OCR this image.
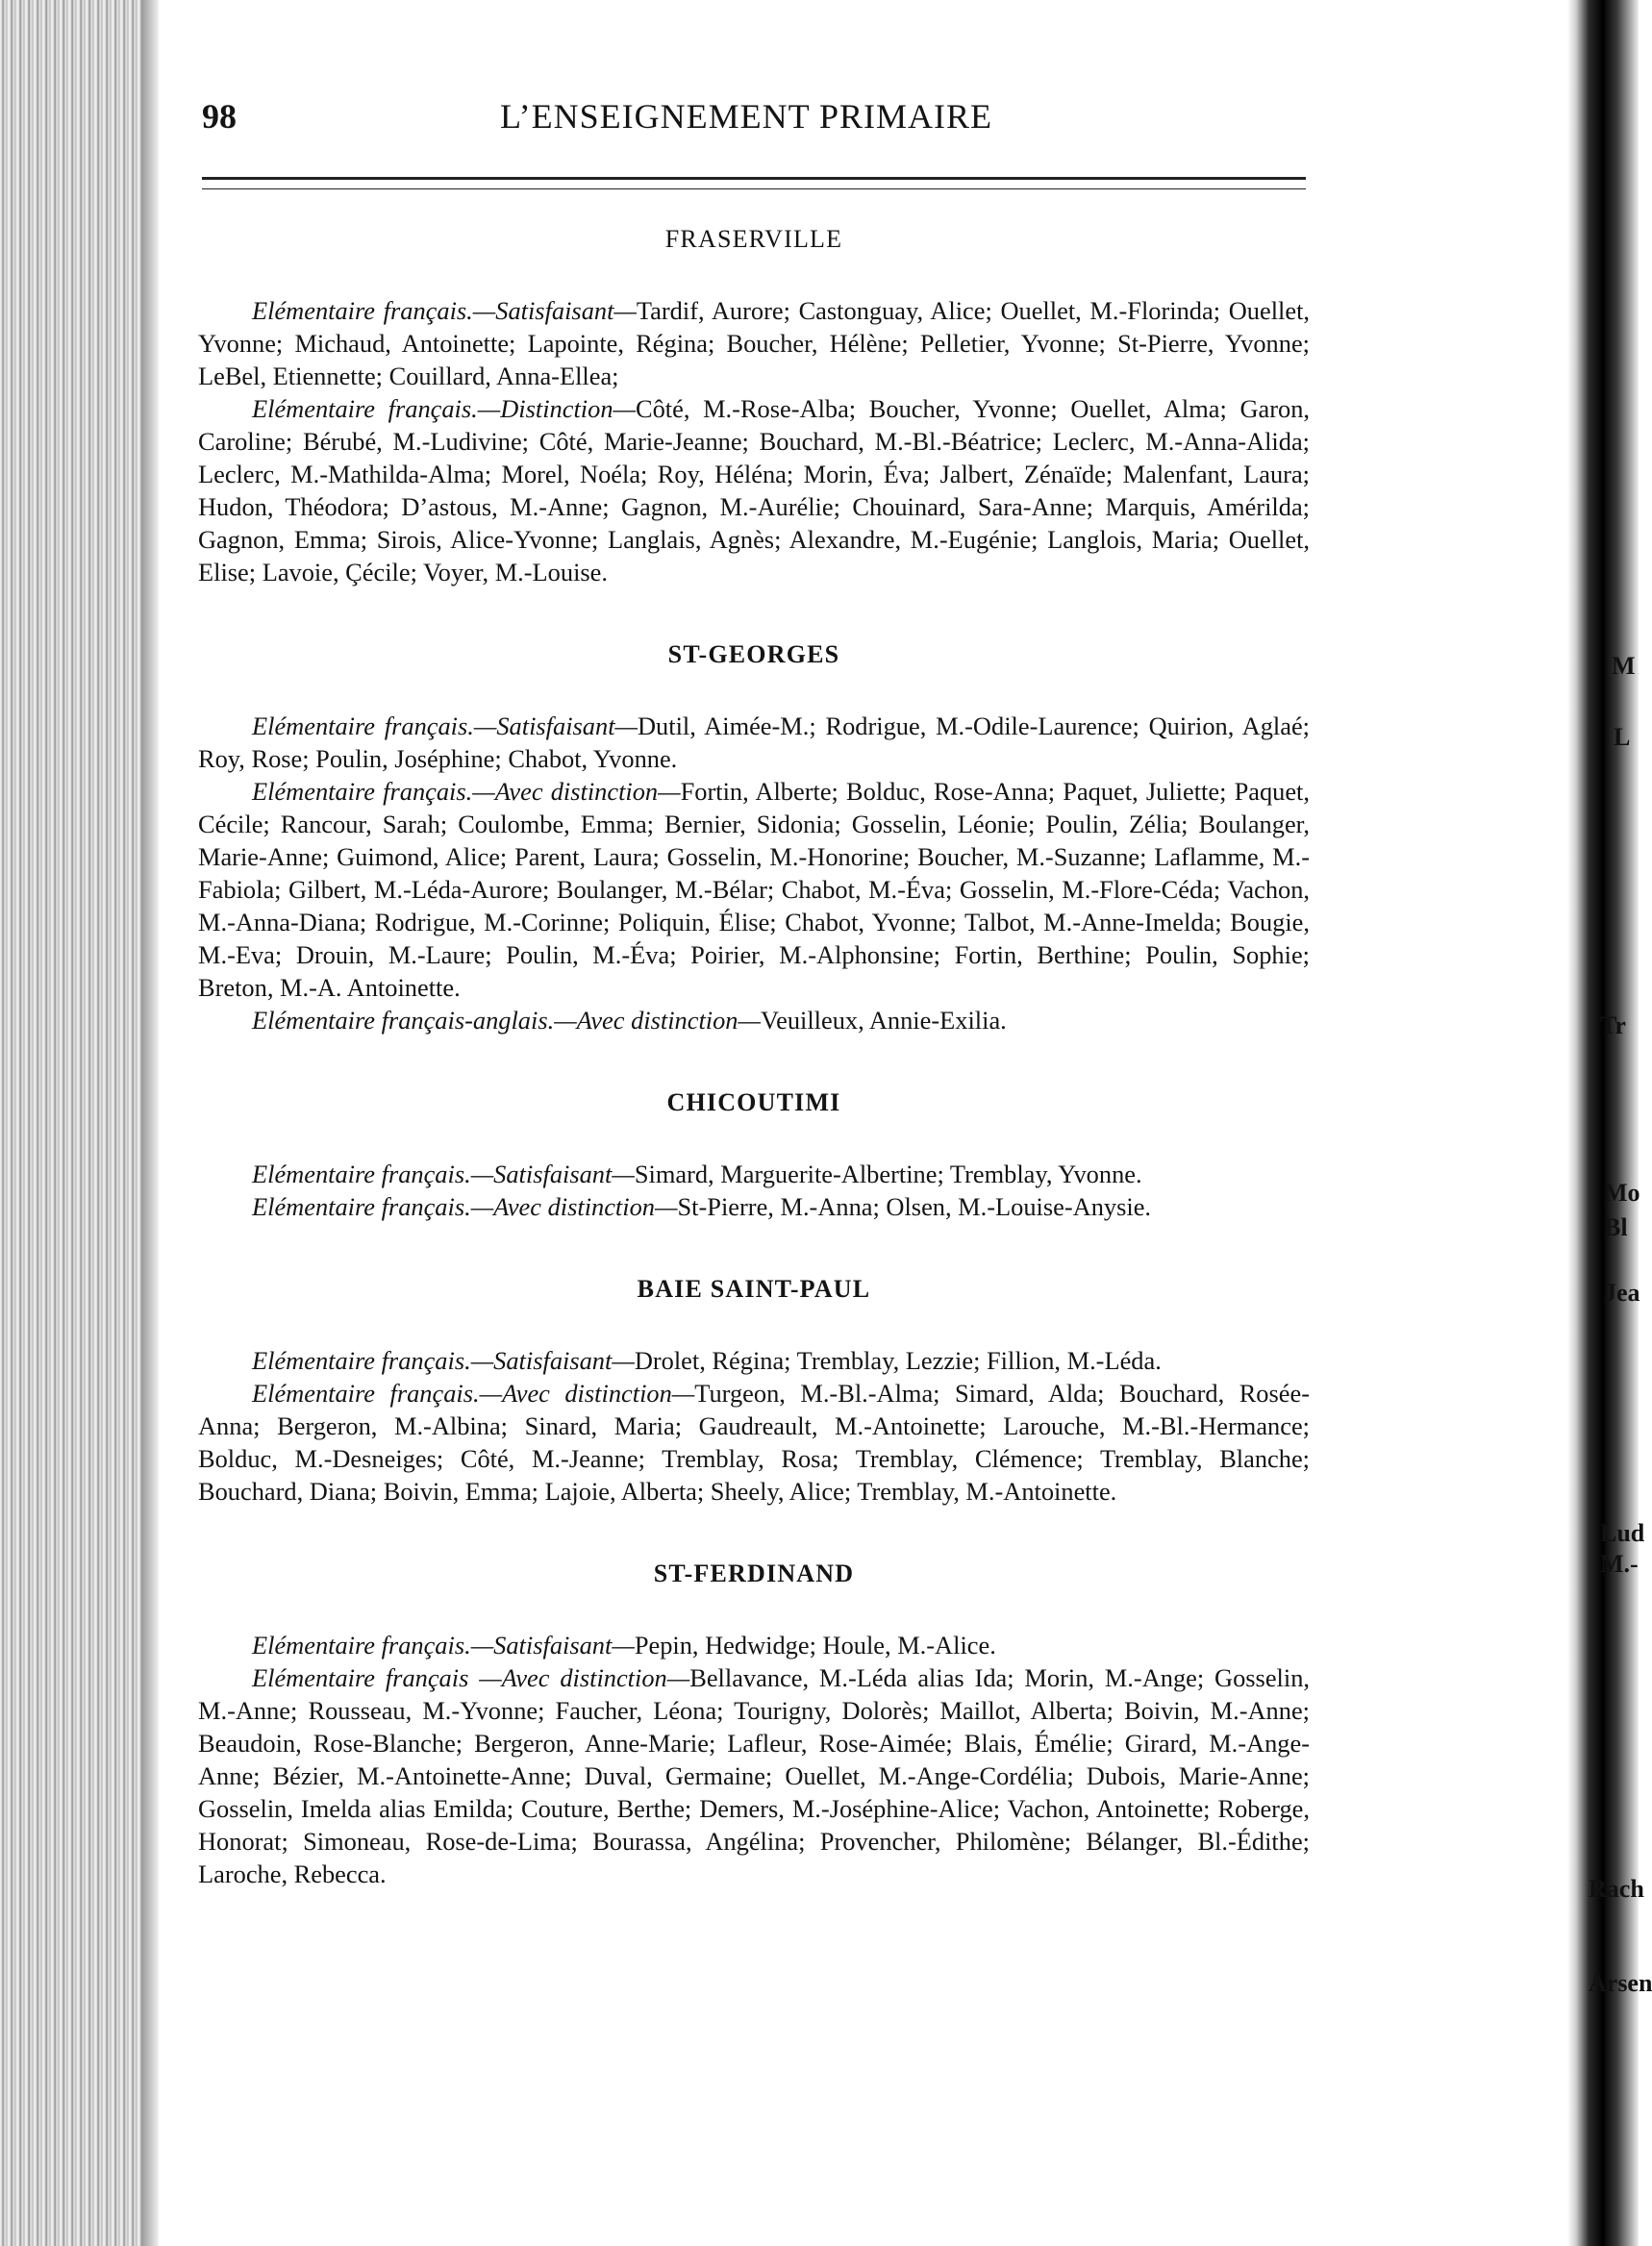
98	L’ENSEIGNEMENT PRIMAIRE
FRASERVILLE

Elémentaire français.—Satisfaisant—Tardif, Aurore; Castonguay, Alice; Ouellet, M.-Florinda; Ouellet, Yvonne; Michaud, Antoinette; Lapointe, Régina; Boucher, Hélène; Pelletier, Yvonne; St-Pierre, Yvonne; LeBel, Etiennette; Couillard, Anna-Ellea;

Elémentaire français.—Distinction—Côté, M.-Rose-Alba; Boucher, Yvonne; Ouellet, Alma; Garon, Caroline; Bérubé, M.-Ludivine; Côté, Marie-Jeanne; Bouchard, M.-Bl.-Béatrice; Leclerc, M.-Anna-Alida; Leclerc, M.-Mathilda-Alma; Morel, Noéla; Roy, Héléna; Morin, Éva; Jalbert, Zénaïde; Malenfant, Laura; Hudon, Théodora; D’astous, M.-Anne; Gagnon, M.-Aurélie; Chouinard, Sara-Anne; Marquis, Amérilda; Gagnon, Emma; Sirois, Alice-Yvonne; Langlais, Agnès; Alexandre, M.-Eugénie; Langlois, Maria; Ouellet, Elise; Lavoie, Çécile; Voyer, M.-Louise.

ST-GEORGES

Elémentaire français.—Satisfaisant—Dutil, Aimée-M.; Rodrigue, M.-Odile-Laurence; Quirion, Aglaé; Roy, Rose; Poulin, Joséphine; Chabot, Yvonne.

Elémentaire français.—Avec distinction—Fortin, Alberte; Bolduc, Rose-Anna; Paquet, Juliette; Paquet, Cécile; Rancour, Sarah; Coulombe, Emma; Bernier, Sidonia; Gosselin, Léonie; Poulin, Zélia; Boulanger, Marie-Anne; Guimond, Alice; Parent, Laura; Gosselin, M.-Honorine; Boucher, M.-Suzanne; Laflamme, M.-Fabiola; Gilbert, M.-Léda-Aurore; Boulanger, M.-Bélar; Chabot, M.-Éva; Gosselin, M.-Flore-Céda; Vachon, M.-Anna-Diana; Rodrigue, M.-Corinne; Poliquin, Élise; Chabot, Yvonne; Talbot, M.-Anne-Imelda; Bougie, M.-Eva; Drouin, M.-Laure; Poulin, M.-Éva; Poirier, M.-Alphonsine; Fortin, Berthine; Poulin, Sophie; Breton, M.-A. Antoinette.

Elémentaire français-anglais.—Avec distinction—Veuilleux, Annie-Exilia.

CHICOUTIMI

Elémentaire français.—Satisfaisant—Simard, Marguerite-Albertine; Tremblay, Yvonne.

Elémentaire français.—Avec distinction—St-Pierre, M.-Anna; Olsen, M.-Louise-Anysie.

BAIE SAINT-PAUL

Elémentaire français.—Satisfaisant—Drolet, Régina; Tremblay, Lezzie; Fillion, M.-Léda.

Elémentaire français.—Avec distinction—Turgeon, M.-Bl.-Alma; Simard, Alda; Bouchard, Rosée-Anna; Bergeron, M.-Albina; Sinard, Maria; Gaudreault, M.-Antoinette; Larouche, M.-Bl.-Hermance; Bolduc, M.-Desneiges; Côté, M.-Jeanne; Tremblay, Rosa; Tremblay, Clémence; Tremblay, Blanche; Bouchard, Diana; Boivin, Emma; Lajoie, Alberta; Sheely, Alice; Tremblay, M.-Antoinette.

ST-FERDINAND

Elémentaire français.—Satisfaisant—Pepin, Hedwidge; Houle, M.-Alice.

Elémentaire français —Avec distinction—Bellavance, M.-Léda alias Ida; Morin, M.-Ange; Gosselin, M.-Anne; Rousseau, M.-Yvonne; Faucher, Léona; Tourigny, Dolorès; Maillot, Alberta; Boivin, M.-Anne; Beaudoin, Rose-Blanche; Bergeron, Anne-Marie; Lafleur, Rose-Aimée; Blais, Émélie; Girard, M.-Ange-Anne; Bézier, M.-Antoinette-Anne; Duval, Germaine; Ouellet, M.-Ange-Cordélia; Dubois, Marie-Anne; Gosselin, Imelda alias Emilda; Couture, Berthe; Demers, M.-Joséphine-Alice; Vachon, Antoinette; Roberge, Honorat; Simoneau, Rose-de-Lima; Bourassa, Angélina; Provencher, Philomène; Bélanger, Bl.-Édithe; Laroche, Rebecca.

M
L
Tr
Mo
Bl
Jea
Lud
M.-
Rach
Arsen
